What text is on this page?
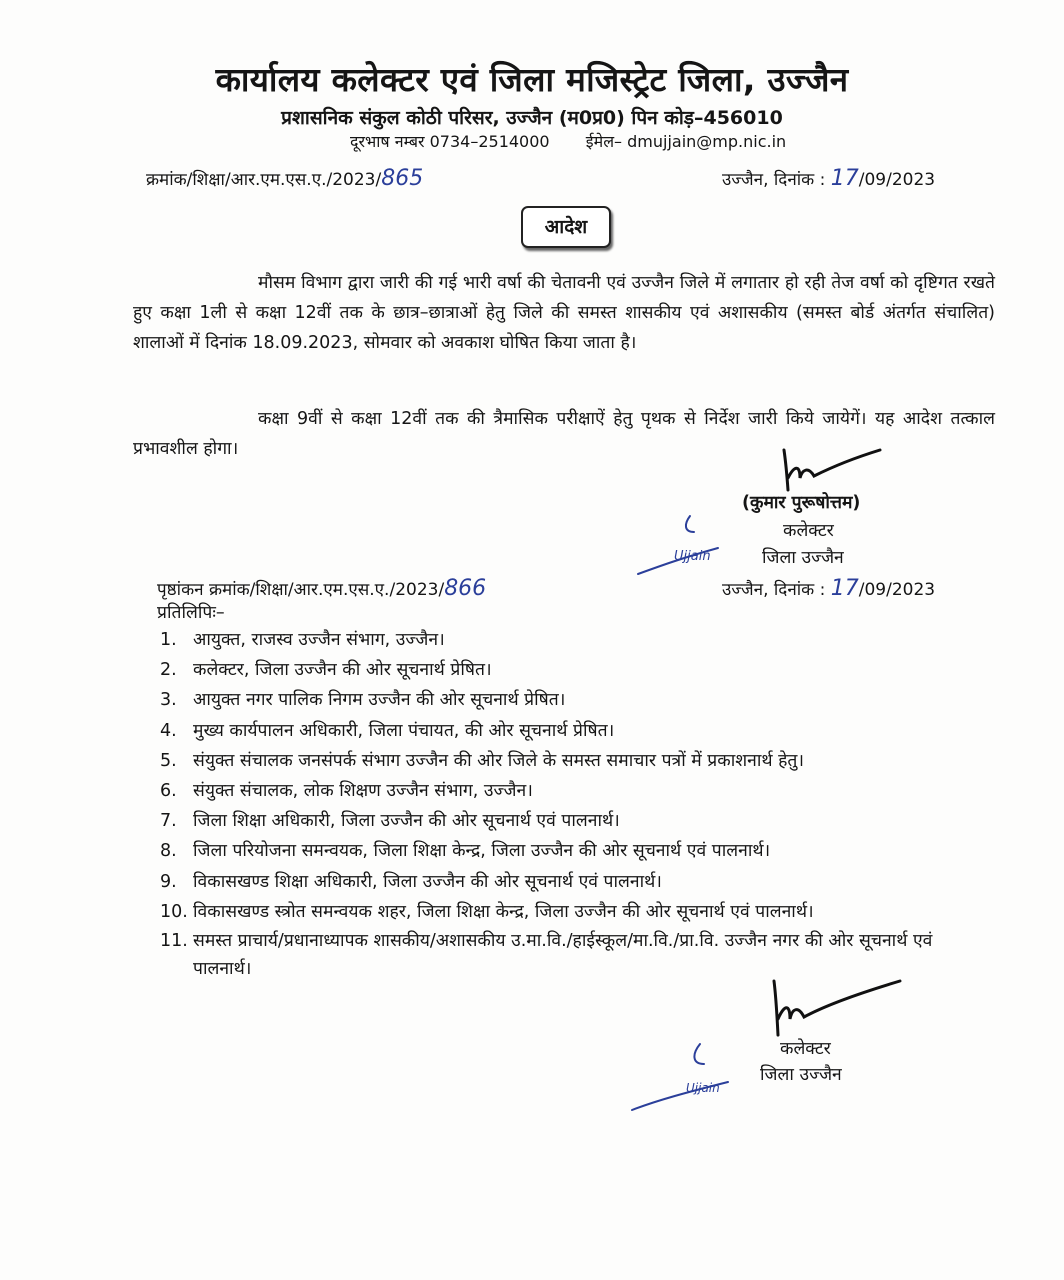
कार्यालय कलेक्टर एवं जिला मजिस्ट्रेट जिला, उज्जैन
प्रशासनिक संकुल कोठी परिसर, उज्जैन (म0प्र0) पिन कोड़–456010
दूरभाष नम्बर 0734–2514000 ईमेल– dmujjain@mp.nic.in
क्रमांक/शिक्षा/आर.एम.एस.ए./2023/865	उज्जैन, दिनांक : 17/09/2023
आदेश

मौसम विभाग द्वारा जारी की गई भारी वर्षा की चेतावनी एवं उज्जैन जिले में लगातार हो रही तेज वर्षा को दृष्टिगत रखते हुए कक्षा 1ली से कक्षा 12वीं तक के छात्र–छात्राओं हेतु जिले की समस्त शासकीय एवं अशासकीय (समस्त बोर्ड अंतर्गत संचालित) शालाओं में दिनांक 18.09.2023, सोमवार को अवकाश घोषित किया जाता है।

कक्षा 9वीं से कक्षा 12वीं तक की त्रैमासिक परीक्षाऐं हेतु पृथक से निर्देश जारी किये जायेगें। यह आदेश तत्काल प्रभावशील होगा।

(कुमार पुरूषोत्तम)
कलेक्टर
जिला उज्जैन
Ujjain
पृष्ठांकन क्रमांक/शिक्षा/आर.एम.एस.ए./2023/866	उज्जैन, दिनांक : 17/09/2023
प्रतिलिपिः–
1. आयुक्त, राजस्व उज्जैन संभाग, उज्जैन।
2. कलेक्टर, जिला उज्जैन की ओर सूचनार्थ प्रेषित।
3. आयुक्त नगर पालिक निगम उज्जैन की ओर सूचनार्थ प्रेषित।
4. मुख्य कार्यपालन अधिकारी, जिला पंचायत, की ओर सूचनार्थ प्रेषित।
5. संयुक्त संचालक जनसंपर्क संभाग उज्जैन की ओर जिले के समस्त समाचार पत्रों में प्रकाशनार्थ हेतु।
6. संयुक्त संचालक, लोक शिक्षण उज्जैन संभाग, उज्जैन।
7. जिला शिक्षा अधिकारी, जिला उज्जैन की ओर सूचनार्थ एवं पालनार्थ।
8. जिला परियोजना समन्वयक, जिला शिक्षा केन्द्र, जिला उज्जैन की ओर सूचनार्थ एवं पालनार्थ।
9. विकासखण्ड शिक्षा अधिकारी, जिला उज्जैन की ओर सूचनार्थ एवं पालनार्थ।
10. विकासखण्ड स्त्रोत समन्वयक शहर, जिला शिक्षा केन्द्र, जिला उज्जैन की ओर सूचनार्थ एवं पालनार्थ।
11. समस्त प्राचार्य/प्रधानाध्यापक शासकीय/अशासकीय उ.मा.वि./हाईस्कूल/मा.वि./प्रा.वि. उज्जैन नगर की ओर सूचनार्थ एवं पालनार्थ।
कलेक्टर
जिला उज्जैन
Ujjain
